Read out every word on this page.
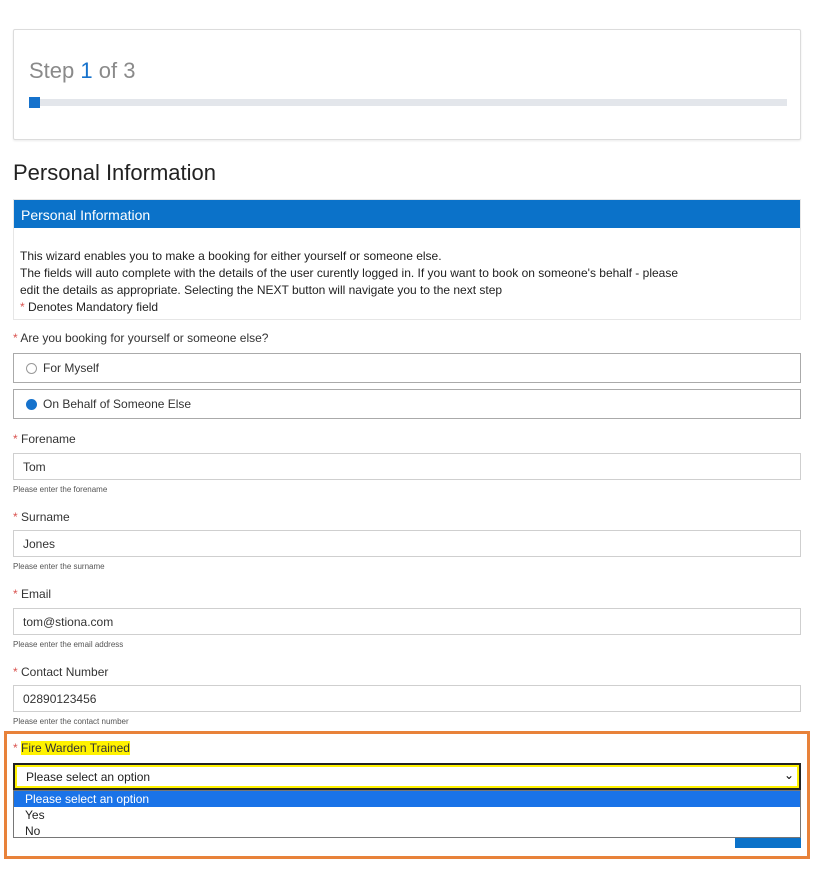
Step 1 of 3
Personal Information
Personal Information
This wizard enables you to make a booking for either yourself or someone else.
The fields will auto complete with the details of the user curently logged in. If you want to book on someone's behalf - please
edit the details as appropriate. Selecting the NEXT button will navigate you to the next step
* Denotes Mandatory field
* Are you booking for yourself or someone else?
For Myself
On Behalf of Someone Else
* Forename
Tom
Please enter the forename
* Surname
Jones
Please enter the surname
* Email
tom@stiona.com
Please enter the email address
* Contact Number
02890123456
Please enter the contact number
* Fire Warden Trained
Please select an option	⌄
Please select an option
Yes
No
